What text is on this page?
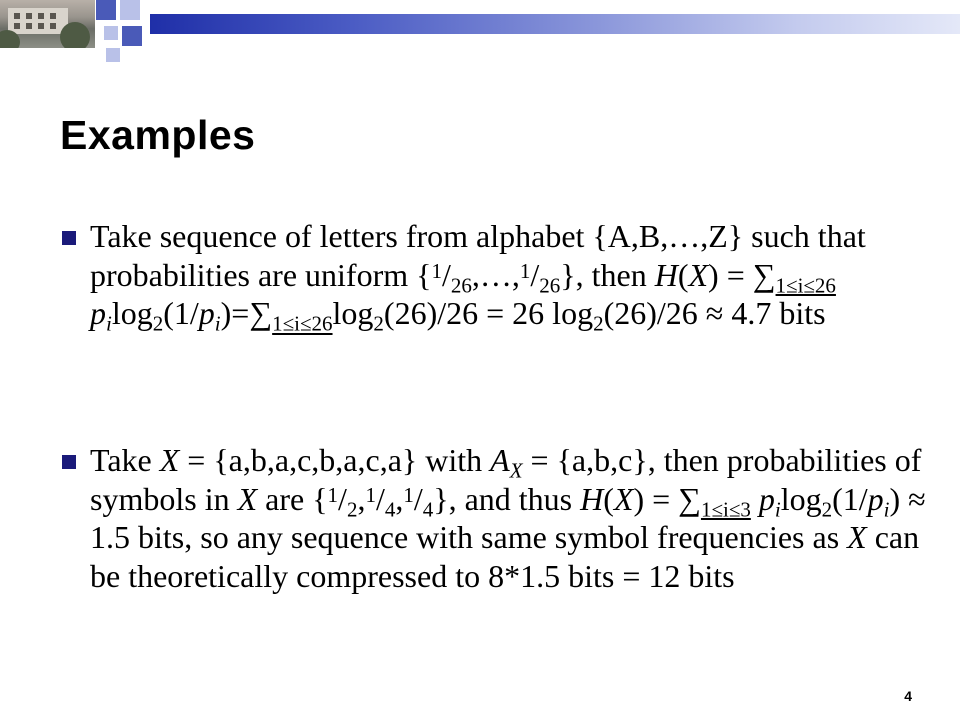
Examples
Take sequence of letters from alphabet {A,B,…,Z} such that probabilities are uniform $\{^1/_{26},\dots,^1/_{26}\}$, then $H(X) = \sum_{1\le i\le 26}$
$p_i\log_2(1/p_i)=\sum_{1\le i\le 26}\log_2(26)/26 = 26$ $\log_2(26)/26 \approx 4.7$ bits
Take X = {a,b,a,c,b,a,c,a} with $A_X = \{a,b,c\}$, then probabilities of symbols in X are $\{^1/_2,^1/_4,^1/_4\}$, and thus $H(X) = \sum_{1\le i\le 3}$ $p_i\log_2(1/p_i) \approx 1.5$ bits, so any sequence with same symbol frequencies as X can be theoretically compressed to 8*1.5 bits = 12 bits
4
